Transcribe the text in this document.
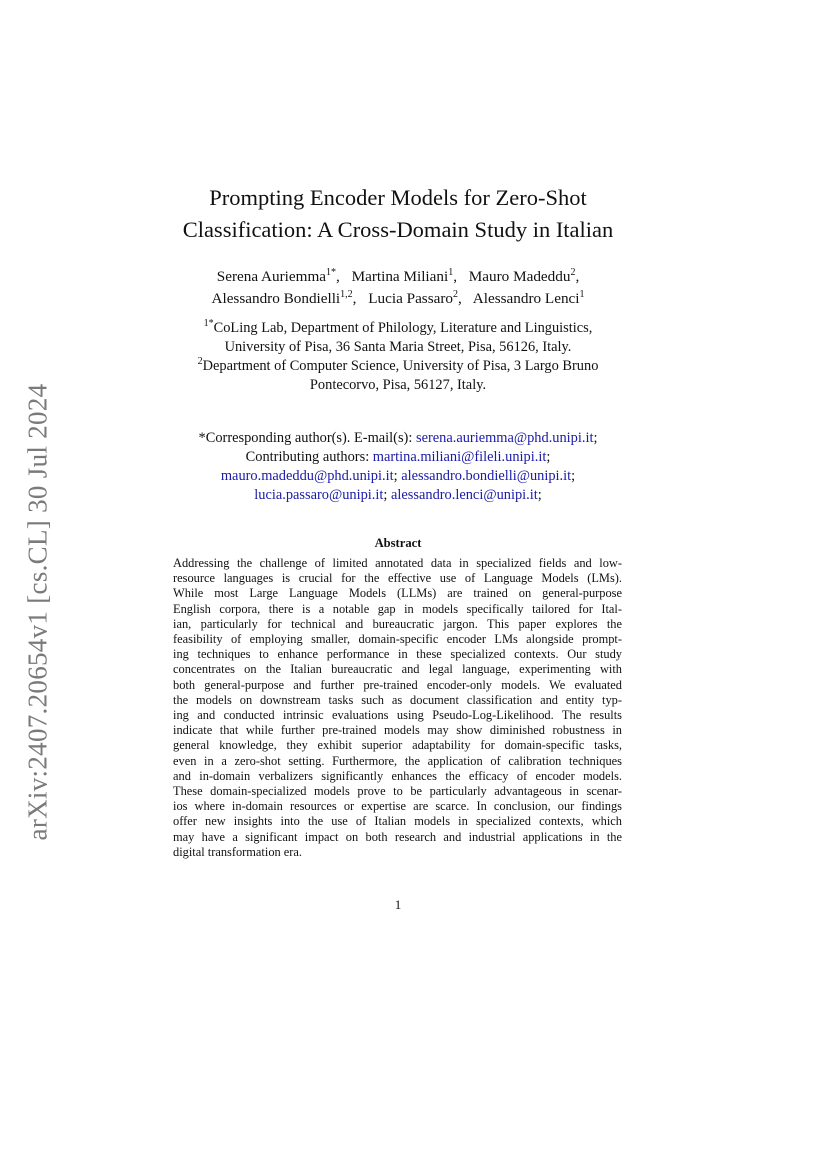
arXiv:2407.20654v1 [cs.CL] 30 Jul 2024
Prompting Encoder Models for Zero-Shot
Classification: A Cross-Domain Study in Italian
Serena Auriemma$^{1*}$, Martina Miliani$^1$, Mauro Madeddu$^2$,
Alessandro Bondielli$^{1,2}$, Lucia Passaro$^2$, Alessandro Lenci$^1$
$^{1*}$CoLing Lab, Department of Philology, Literature and Linguistics,
University of Pisa, 36 Santa Maria Street, Pisa, 56126, Italy.
$^2$Department of Computer Science, University of Pisa, 3 Largo Bruno
Pontecorvo, Pisa, 56127, Italy.
*Corresponding author(s). E-mail(s): serena.auriemma@phd.unipi.it;
Contributing authors: martina.miliani@fileli.unipi.it;
mauro.madeddu@phd.unipi.it; alessandro.bondielli@unipi.it;
lucia.passaro@unipi.it; alessandro.lenci@unipi.it;
Abstract
Addressing the challenge of limited annotated data in specialized fields and low-
resource languages is crucial for the effective use of Language Models (LMs).
While most Large Language Models (LLMs) are trained on general-purpose
English corpora, there is a notable gap in models specifically tailored for Ital-
ian, particularly for technical and bureaucratic jargon. This paper explores the
feasibility of employing smaller, domain-specific encoder LMs alongside prompt-
ing techniques to enhance performance in these specialized contexts. Our study
concentrates on the Italian bureaucratic and legal language, experimenting with
both general-purpose and further pre-trained encoder-only models. We evaluated
the models on downstream tasks such as document classification and entity typ-
ing and conducted intrinsic evaluations using Pseudo-Log-Likelihood. The results
indicate that while further pre-trained models may show diminished robustness in
general knowledge, they exhibit superior adaptability for domain-specific tasks,
even in a zero-shot setting. Furthermore, the application of calibration techniques
and in-domain verbalizers significantly enhances the efficacy of encoder models.
These domain-specialized models prove to be particularly advantageous in scenar-
ios where in-domain resources or expertise are scarce. In conclusion, our findings
offer new insights into the use of Italian models in specialized contexts, which
may have a significant impact on both research and industrial applications in the
digital transformation era.
1
